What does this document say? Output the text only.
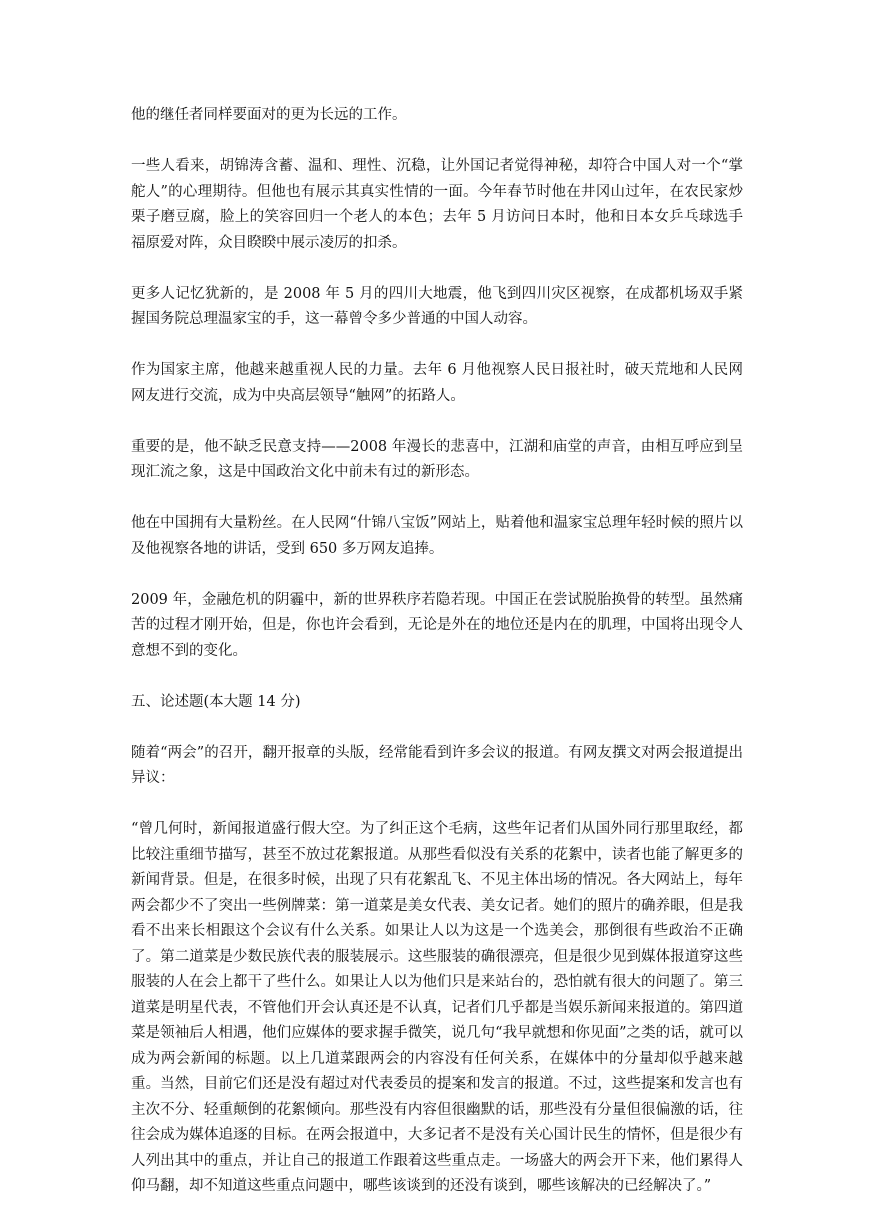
他的继任者同样要面对的更为长远的工作。

一些人看来，胡锦涛含蓄、温和、理性、沉稳，让外国记者觉得神秘，却符合中国人对一个“掌舵人”的心理期待。但他也有展示其真实性情的一面。今年春节时他在井冈山过年，在农民家炒栗子磨豆腐，脸上的笑容回归一个老人的本色；去年 5 月访问日本时，他和日本女乒乓球选手福原爱对阵，众目睽睽中展示凌厉的扣杀。

更多人记忆犹新的，是 2008 年 5 月的四川大地震，他飞到四川灾区视察，在成都机场双手紧握国务院总理温家宝的手，这一幕曾令多少普通的中国人动容。

作为国家主席，他越来越重视人民的力量。去年 6 月他视察人民日报社时，破天荒地和人民网网友进行交流，成为中央高层领导“触网”的拓路人。

重要的是，他不缺乏民意支持——2008 年漫长的悲喜中，江湖和庙堂的声音，由相互呼应到呈现汇流之象，这是中国政治文化中前未有过的新形态。

他在中国拥有大量粉丝。在人民网“什锦八宝饭”网站上，贴着他和温家宝总理年轻时候的照片以及他视察各地的讲话，受到 650 多万网友追捧。

2009 年，金融危机的阴霾中，新的世界秩序若隐若现。中国正在尝试脱胎换骨的转型。虽然痛苦的过程才刚开始，但是，你也许会看到，无论是外在的地位还是内在的肌理，中国将出现令人意想不到的变化。

五、论述题(本大题 14 分)

随着“两会”的召开，翻开报章的头版，经常能看到许多会议的报道。有网友撰文对两会报道提出异议：

“曾几何时，新闻报道盛行假大空。为了纠正这个毛病，这些年记者们从国外同行那里取经，都比较注重细节描写，甚至不放过花絮报道。从那些看似没有关系的花絮中，读者也能了解更多的新闻背景。但是，在很多时候，出现了只有花絮乱飞、不见主体出场的情况。各大网站上，每年两会都少不了突出一些例牌菜：第一道菜是美女代表、美女记者。她们的照片的确养眼，但是我看不出来长相跟这个会议有什么关系。如果让人以为这是一个选美会，那倒很有些政治不正确了。第二道菜是少数民族代表的服装展示。这些服装的确很漂亮，但是很少见到媒体报道穿这些服装的人在会上都干了些什么。如果让人以为他们只是来站台的，恐怕就有很大的问题了。第三道菜是明星代表，不管他们开会认真还是不认真，记者们几乎都是当娱乐新闻来报道的。第四道菜是领袖后人相遇，他们应媒体的要求握手微笑，说几句“我早就想和你见面”之类的话，就可以成为两会新闻的标题。以上几道菜跟两会的内容没有任何关系，在媒体中的分量却似乎越来越重。当然，目前它们还是没有超过对代表委员的提案和发言的报道。不过，这些提案和发言也有主次不分、轻重颠倒的花絮倾向。那些没有内容但很幽默的话，那些没有分量但很偏激的话，往往会成为媒体追逐的目标。在两会报道中，大多记者不是没有关心国计民生的情怀，但是很少有人列出其中的重点，并让自己的报道工作跟着这些重点走。一场盛大的两会开下来，他们累得人仰马翻，却不知道这些重点问题中，哪些该谈到的还没有谈到，哪些该解决的已经解决了。”
